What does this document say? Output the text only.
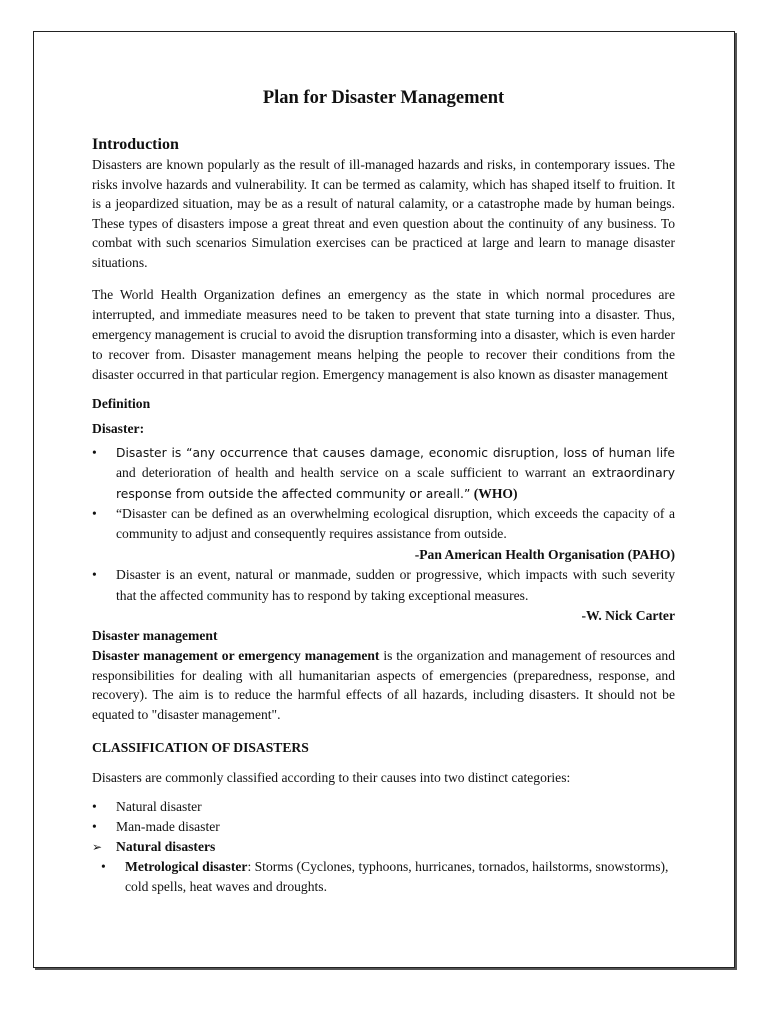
Plan for Disaster Management
Introduction

Disasters are known popularly as the result of ill-managed hazards and risks, in contemporary issues. The risks involve hazards and vulnerability. It can be termed as calamity, which has shaped itself to fruition. It is a jeopardized situation, may be as a result of natural calamity, or a catastrophe made by human beings. These types of disasters impose a great threat and even question about the continuity of any business. To combat with such scenarios Simulation exercises can be practiced at large and learn to manage disaster situations.

The World Health Organization defines an emergency as the state in which normal procedures are interrupted, and immediate measures need to be taken to prevent that state turning into a disaster. Thus, emergency management is crucial to avoid the disruption transforming into a disaster, which is even harder to recover from. Disaster management means helping the people to recover their conditions from the disaster occurred in that particular region. Emergency management is also known as disaster management

Definition
Disaster:
• Disaster is “any occurrence that causes damage, economic disruption, loss of human life and deterioration of health and health service on a scale sufficient to warrant an extraordinary response from outside the affected community or areall.” (WHO)
• “Disaster can be defined as an overwhelming ecological disruption, which exceeds the capacity of a community to adjust and consequently requires assistance from outside.
-Pan American Health Organisation (PAHO)
• Disaster is an event, natural or manmade, sudden or progressive, which impacts with such severity that the affected community has to respond by taking exceptional measures.
-W. Nick Carter
Disaster management

Disaster management or emergency management is the organization and management of resources and responsibilities for dealing with all humanitarian aspects of emergencies (preparedness, response, and recovery). The aim is to reduce the harmful effects of all hazards, including disasters. It should not be equated to "disaster management".

CLASSIFICATION OF DISASTERS

Disasters are commonly classified according to their causes into two distinct categories:

• Natural disaster
• Man-made disaster
➢ Natural disasters
• Metrological disaster: Storms (Cyclones, typhoons, hurricanes, tornados, hailstorms, snowstorms), cold spells, heat waves and droughts.
